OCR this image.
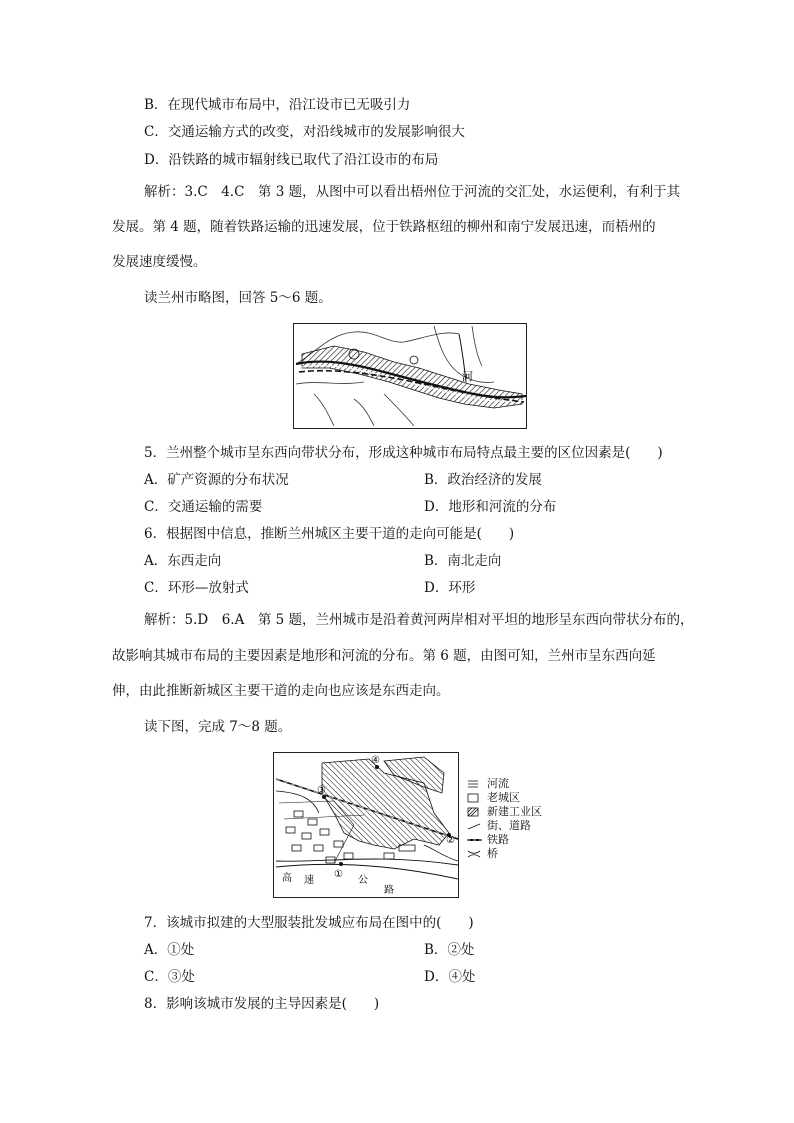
B．在现代城市布局中，沿江设市已无吸引力
C．交通运输方式的改变，对沿线城市的发展影响很大
D．沿铁路的城市辐射线已取代了沿江设市的布局
解析：3.C　4.C　第 3 题，从图中可以看出梧州位于河流的交汇处，水运便利，有利于其
发展。第 4 题，随着铁路运输的迅速发展，位于铁路枢纽的柳州和南宁发展迅速，而梧州的
发展速度缓慢。
读兰州市略图，回答 5～6 题。
河
5．兰州整个城市呈东西向带状分布，形成这种城市布局特点最主要的区位因素是(　　)
A．矿产资源的分布状况	B．政治经济的发展
C．交通运输的需要	D．地形和河流的分布
6．根据图中信息，推断兰州城区主要干道的走向可能是(　　)
A．东西走向	B．南北走向
C．环形—放射式	D．环形
解析：5.D　6.A　第 5 题，兰州城市是沿着黄河两岸相对平坦的地形呈东西向带状分布的，
故影响其城市布局的主要因素是地形和河流的分布。第 6 题，由图可知，兰州市呈东西向延
伸，由此推断新城区主要干道的走向也应该是东西走向。
读下图，完成 7～8 题。
④
③
②
①
高 速	公
路
河流
老城区
新建工业区
街、道路
铁路
桥
7．该城市拟建的大型服装批发城应布局在图中的(　　)
A．①处	B．②处
C．③处	D．④处
8．影响该城市发展的主导因素是(　　)
